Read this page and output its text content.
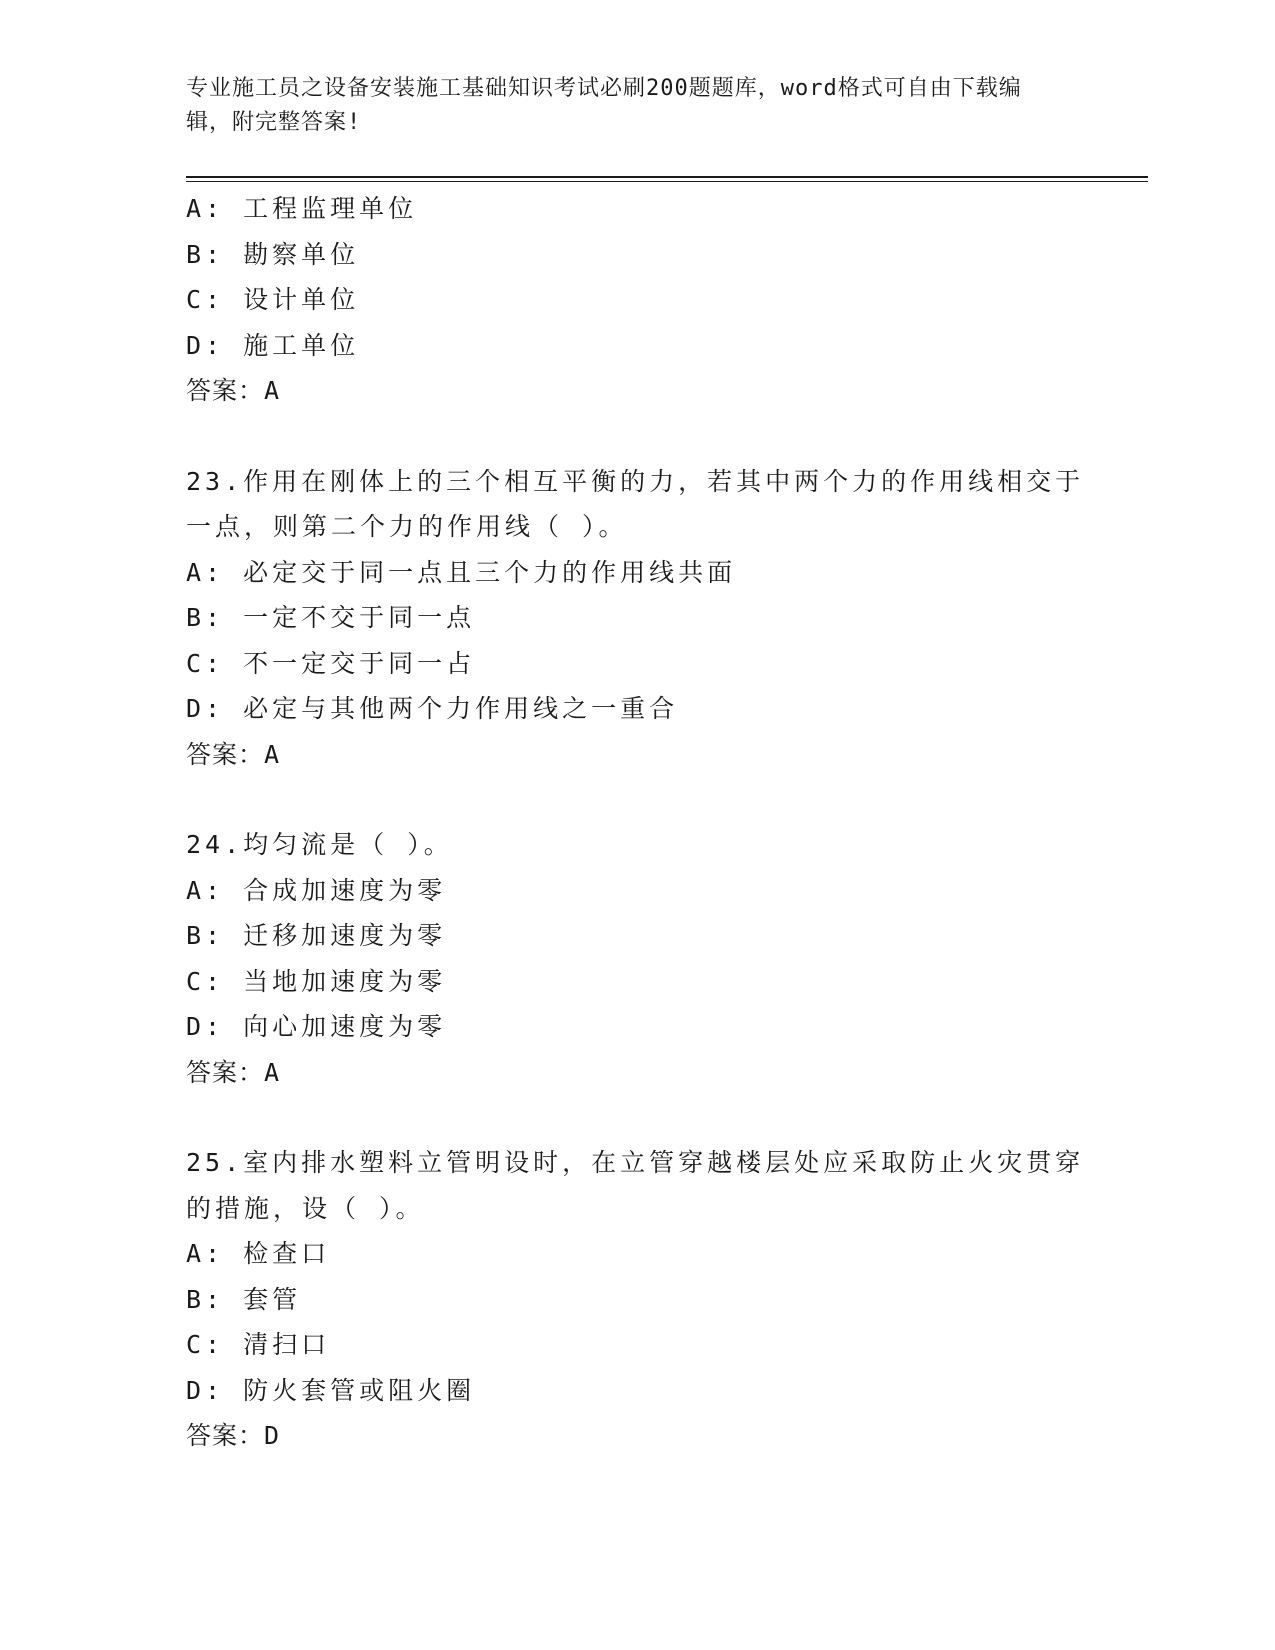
专业施工员之设备安装施工基础知识考试必刷200题题库，word格式可自由下载编辑，附完整答案!
A: 工程监理单位
B: 勘察单位
C: 设计单位
D: 施工单位
答案：A
23.作用在刚体上的三个相互平衡的力，若其中两个力的作用线相交于一点，则第二个力的作用线（ ）。
A: 必定交于同一点且三个力的作用线共面
B: 一定不交于同一点
C: 不一定交于同一占
D: 必定与其他两个力作用线之一重合
答案：A
24.均匀流是（ ）。
A: 合成加速度为零
B: 迁移加速度为零
C: 当地加速度为零
D: 向心加速度为零
答案：A
25.室内排水塑料立管明设时，在立管穿越楼层处应采取防止火灾贯穿的措施，设（ ）。
A: 检查口
B: 套管
C: 清扫口
D: 防火套管或阻火圈
答案：D
